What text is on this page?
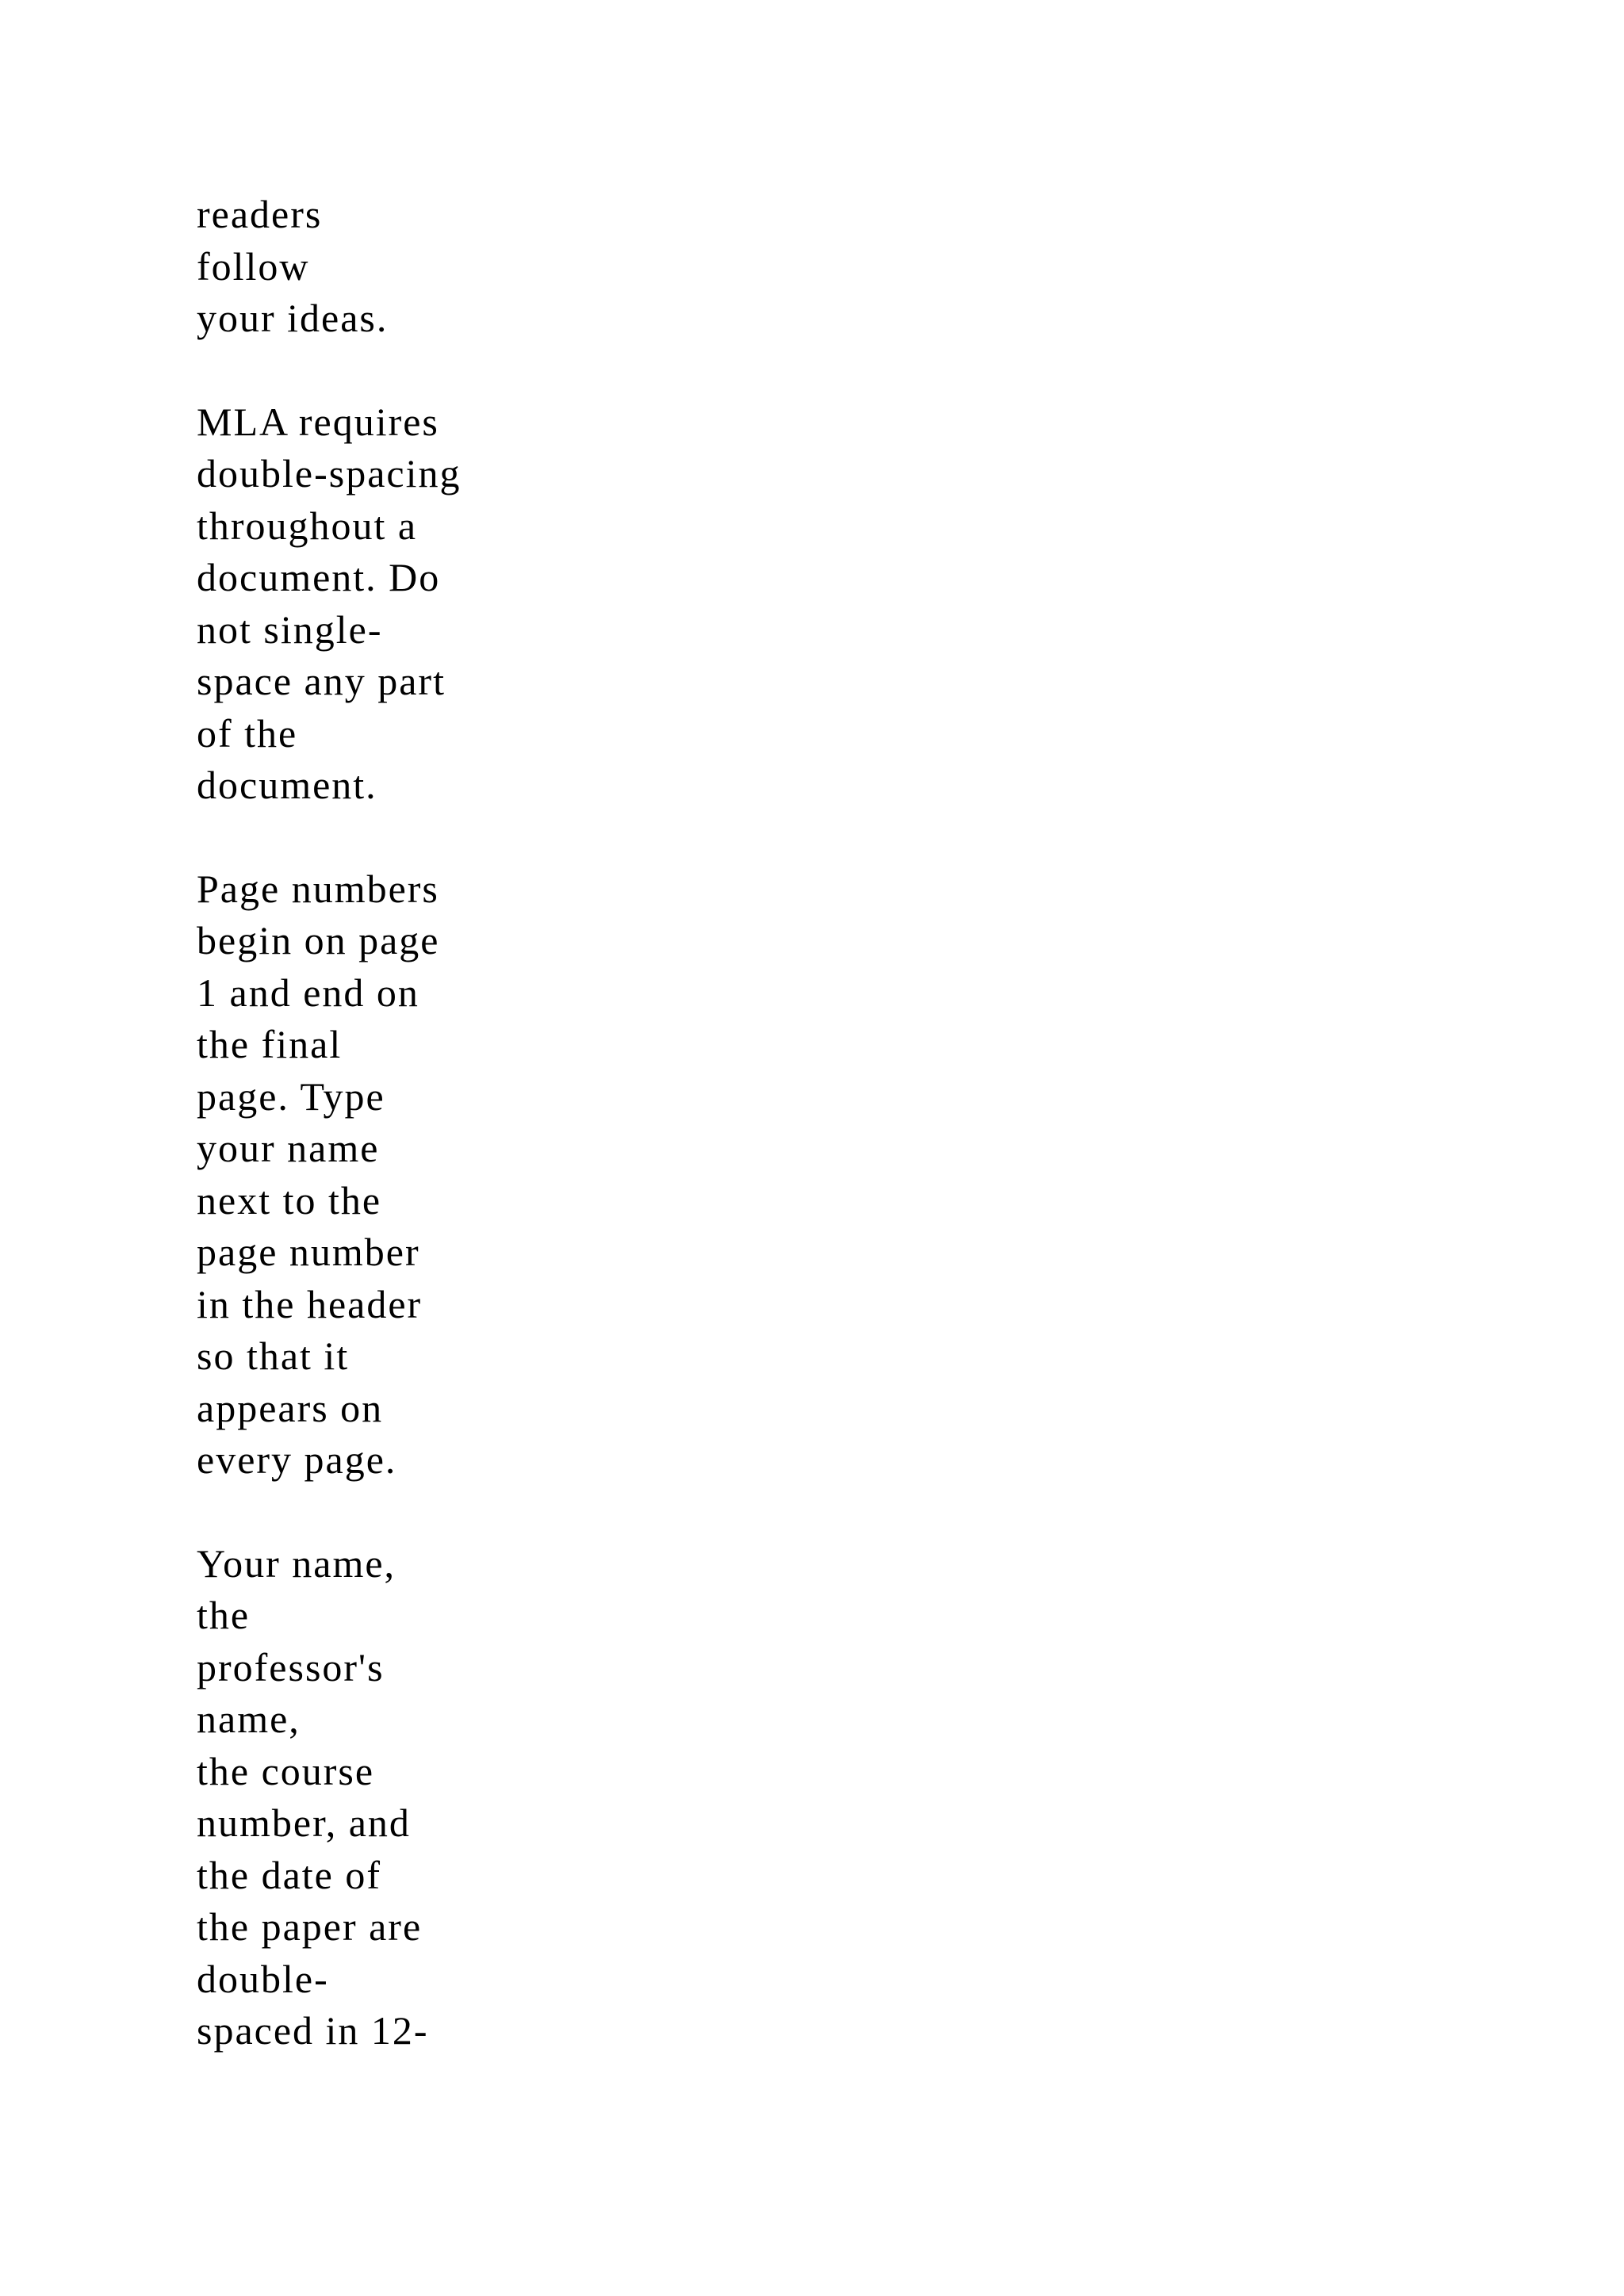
readers
follow
your ideas.
MLA requires
double-spacing
throughout a
document. Do
not single-
space any part
of the
document.
Page numbers
begin on page
1 and end on
the final
page. Type
your name
next to the
page number
in the header
so that it
appears on
every page.
Your name,
the
professor's
name,
the course
number, and
the date of
the paper are
double-
spaced in 12-
